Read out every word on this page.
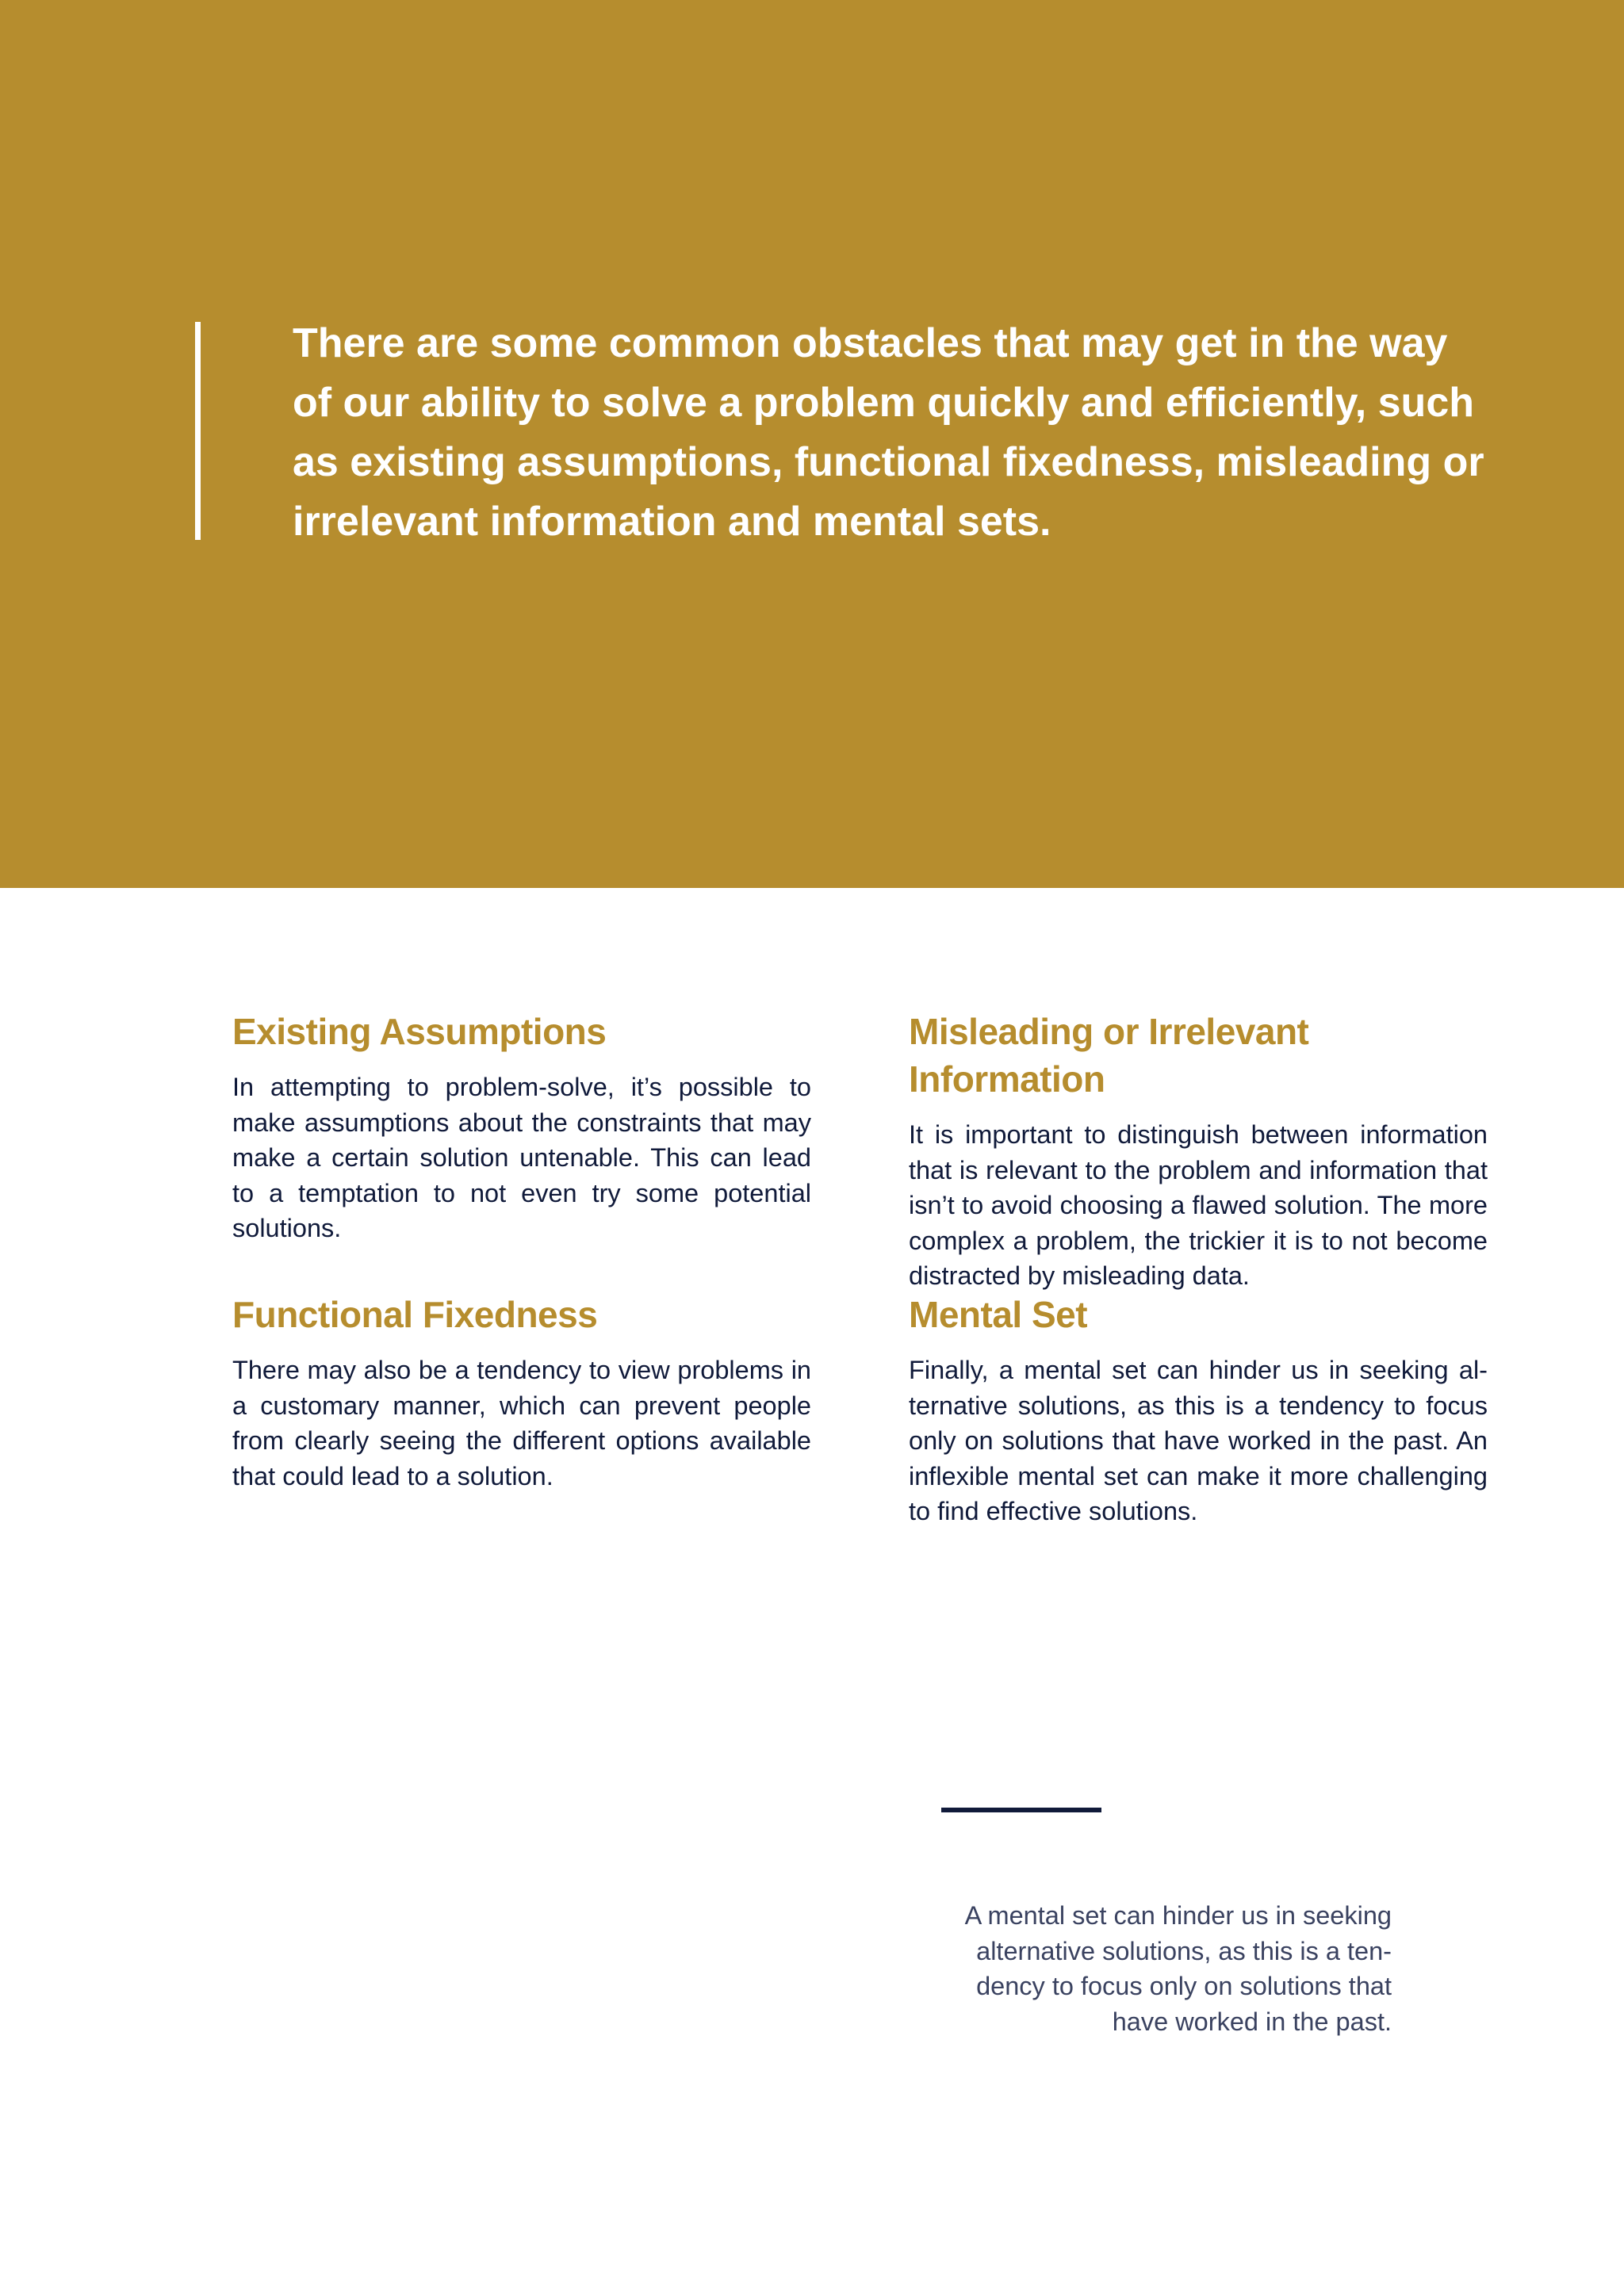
There are some common obstacles that may get in the way
of our ability to solve a problem quickly and efficiently, such
as existing assumptions, functional fixedness, misleading or
irrelevant information and mental sets.

Existing Assumptions

In attempting to problem-solve, it’s possible to make assumptions about the constraints that may make a certain solution untenable. This can lead to a temptation to not even try some potential solutions.

Misleading or Irrelevant Information

It is important to distinguish between information that is relevant to the problem and information that isn’t to avoid choosing a flawed solution. The more complex a problem, the trickier it is to not become distracted by misleading data.

Functional Fixedness

There may also be a tendency to view problems in a customary manner, which can prevent people from clearly seeing the different options available that could lead to a solution.

Mental Set

Finally, a mental set can hinder us in seeking alternative solutions, as this is a tendency to focus only on solutions that have worked in the past. An inflexible mental set can make it more challenging to find effective solutions.

A mental set can hinder us in seeking
alternative solutions, as this is a ten-
dency to focus only on solutions that
have worked in the past.
